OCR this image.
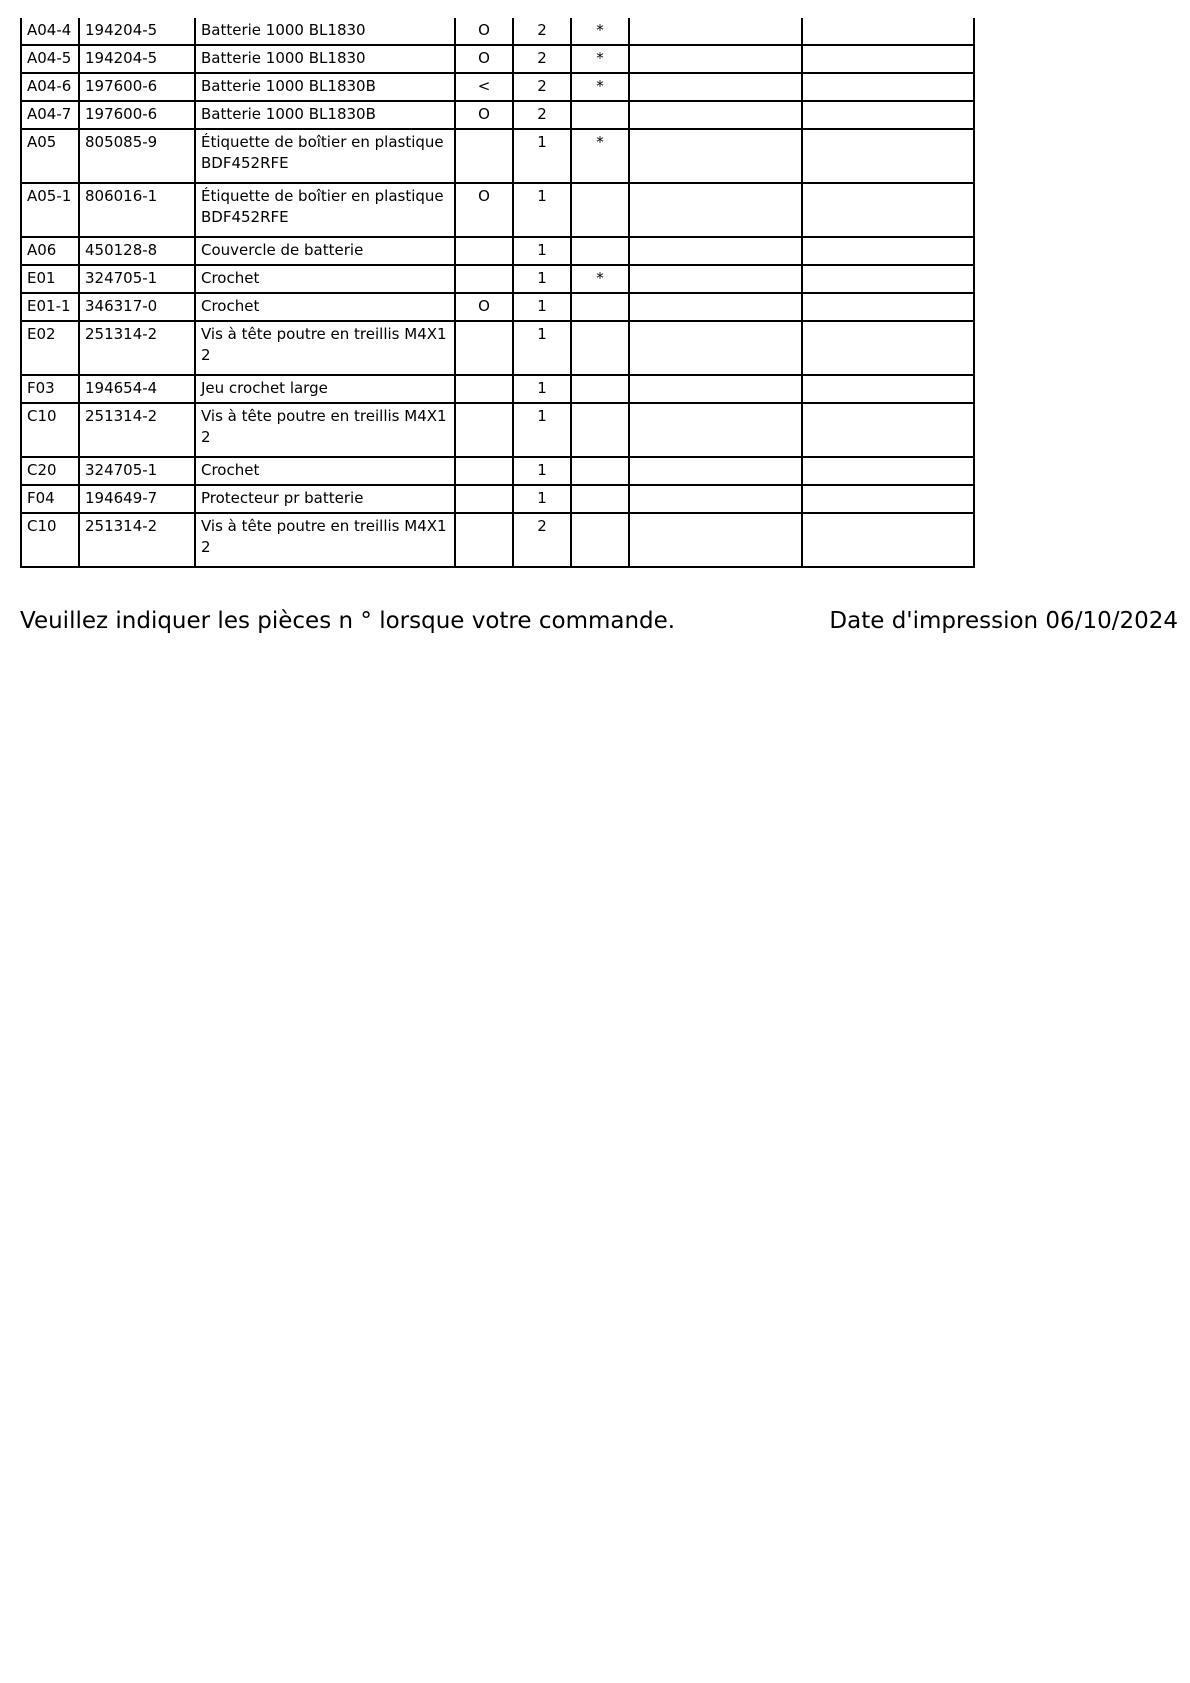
A04-4	194204-5	Batterie 1000 BL1830	O	2	*		
A04-5	194204-5	Batterie 1000 BL1830	O	2	*		
A04-6	197600-6	Batterie 1000 BL1830B	<	2	*		
A04-7	197600-6	Batterie 1000 BL1830B	O	2			
A05	805085-9	Étiquette de boîtier en plastique BDF452RFE		1	*		
A05-1	806016-1	Étiquette de boîtier en plastique BDF452RFE	O	1			
A06	450128-8	Couvercle de batterie		1			
E01	324705-1	Crochet		1	*		
E01-1	346317-0	Crochet	O	1			
E02	251314-2	Vis à tête poutre en treillis M4X1 2		1			
F03	194654-4	Jeu crochet large		1			
C10	251314-2	Vis à tête poutre en treillis M4X1 2		1			
C20	324705-1	Crochet		1			
F04	194649-7	Protecteur pr batterie		1			
C10	251314-2	Vis à tête poutre en treillis M4X1 2		2			
Veuillez indiquer les pièces n ° lorsque votre commande.	Date d'impression 06/10/2024
